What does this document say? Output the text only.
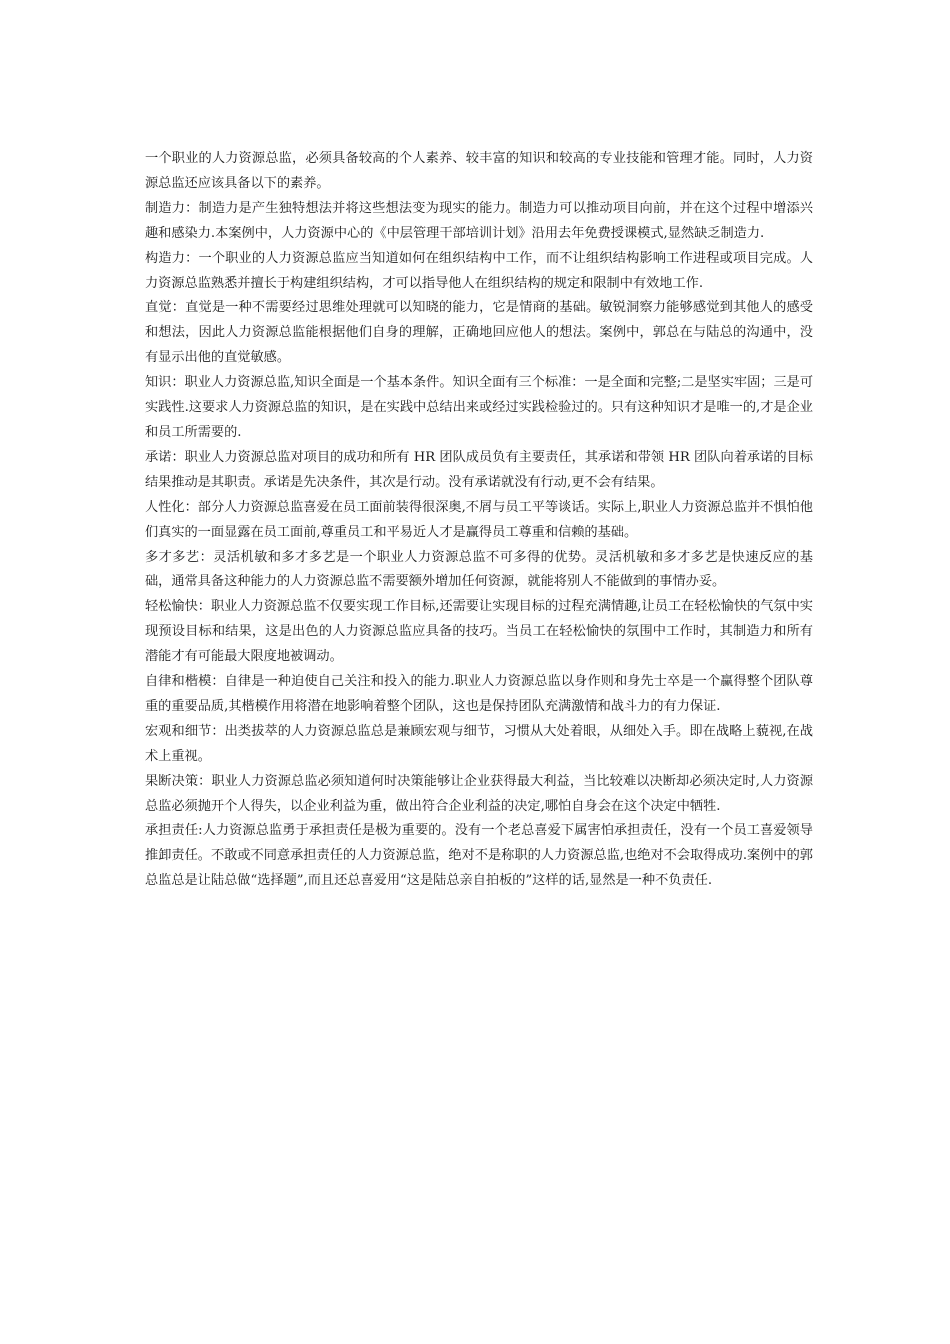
一个职业的人力资源总监，必须具备较高的个人素养、较丰富的知识和较高的专业技能和管理才能。同时，人力资源总监还应该具备以下的素养。

制造力：制造力是产生独特想法并将这些想法变为现实的能力。制造力可以推动项目向前，并在这个过程中增添兴趣和感染力.本案例中，人力资源中心的《中层管理干部培训计划》沿用去年免费授课模式,显然缺乏制造力.

构造力：一个职业的人力资源总监应当知道如何在组织结构中工作，而不让组织结构影响工作进程或项目完成。人力资源总监熟悉并擅长于构建组织结构，才可以指导他人在组织结构的规定和限制中有效地工作.

直觉：直觉是一种不需要经过思维处理就可以知晓的能力，它是情商的基础。敏锐洞察力能够感觉到其他人的感受和想法，因此人力资源总监能根据他们自身的理解，正确地回应他人的想法。案例中，郭总在与陆总的沟通中，没有显示出他的直觉敏感。

知识：职业人力资源总监,知识全面是一个基本条件。知识全面有三个标准：一是全面和完整;二是坚实牢固；三是可实践性.这要求人力资源总监的知识，是在实践中总结出来或经过实践检验过的。只有这种知识才是唯一的,才是企业和员工所需要的.

承诺：职业人力资源总监对项目的成功和所有 HR 团队成员负有主要责任，其承诺和带领 HR 团队向着承诺的目标结果推动是其职责。承诺是先决条件，其次是行动。没有承诺就没有行动,更不会有结果。

人性化：部分人力资源总监喜爱在员工面前装得很深奥,不屑与员工平等谈话。实际上,职业人力资源总监并不惧怕他们真实的一面显露在员工面前,尊重员工和平易近人才是赢得员工尊重和信赖的基础。

多才多艺：灵活机敏和多才多艺是一个职业人力资源总监不可多得的优势。灵活机敏和多才多艺是快速反应的基础，通常具备这种能力的人力资源总监不需要额外增加任何资源，就能将别人不能做到的事情办妥。

轻松愉快：职业人力资源总监不仅要实现工作目标,还需要让实现目标的过程充满情趣,让员工在轻松愉快的气氛中实现预设目标和结果，这是出色的人力资源总监应具备的技巧。当员工在轻松愉快的氛围中工作时，其制造力和所有潜能才有可能最大限度地被调动。

自律和楷模：自律是一种迫使自己关注和投入的能力.职业人力资源总监以身作则和身先士卒是一个赢得整个团队尊重的重要品质,其楷模作用将潜在地影响着整个团队，这也是保持团队充满激情和战斗力的有力保证.

宏观和细节：出类拔萃的人力资源总监总是兼顾宏观与细节，习惯从大处着眼，从细处入手。即在战略上藐视,在战术上重视。

果断决策：职业人力资源总监必须知道何时决策能够让企业获得最大利益，当比较难以决断却必须决定时,人力资源总监必须抛开个人得失，以企业利益为重，做出符合企业利益的决定,哪怕自身会在这个决定中牺牲.

承担责任:人力资源总监勇于承担责任是极为重要的。没有一个老总喜爱下属害怕承担责任，没有一个员工喜爱领导推卸责任。不敢或不同意承担责任的人力资源总监，绝对不是称职的人力资源总监,也绝对不会取得成功.案例中的郭总监总是让陆总做“选择题”,而且还总喜爱用“这是陆总亲自拍板的”这样的话,显然是一种不负责任.
